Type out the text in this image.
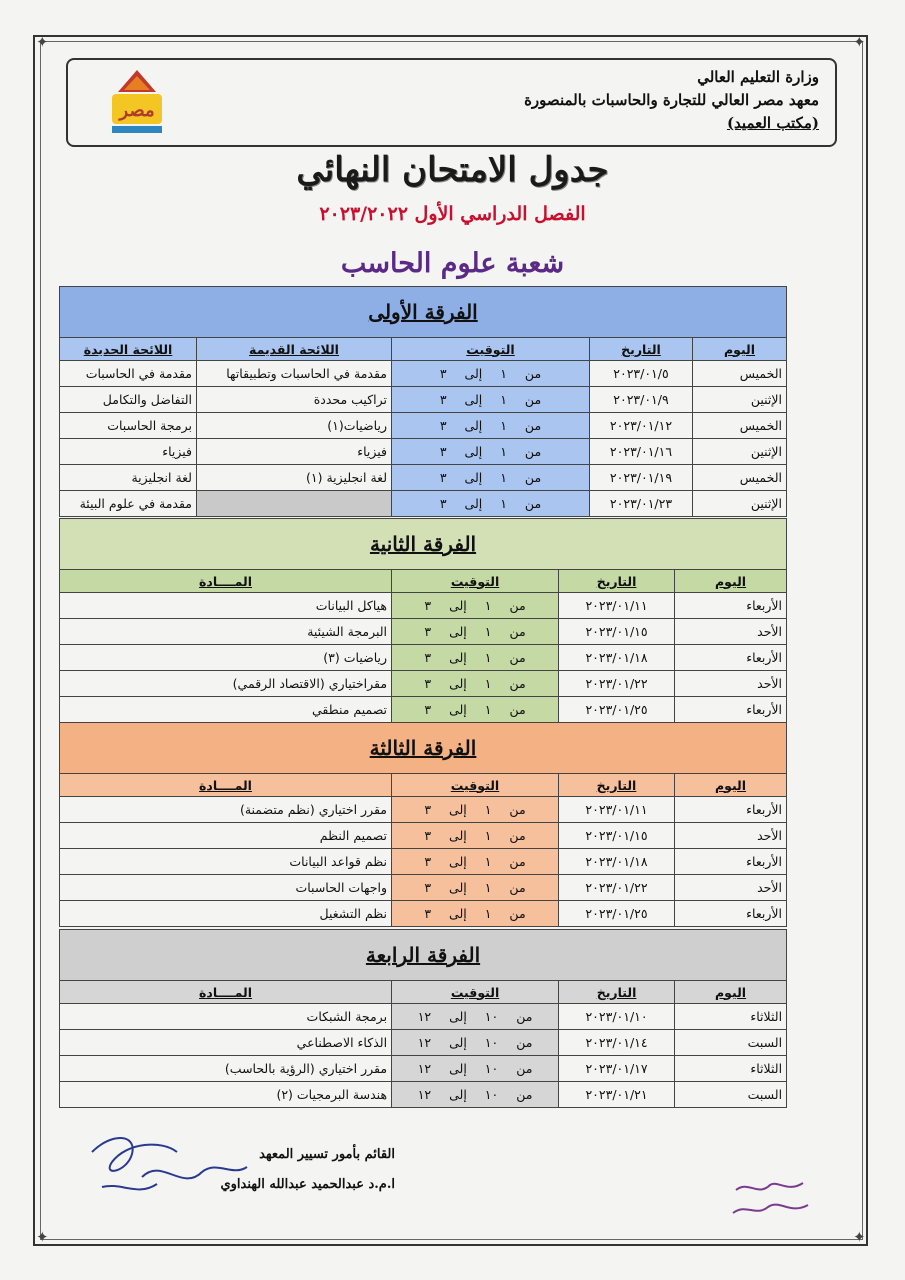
✦	✦
✦	✦
مصر
وزارة التعليم العالي
معهد مصر العالي للتجارة والحاسبات بالمنصورة
(مكتب العميد)
جدول الامتحان النهائي
الفصل الدراسي الأول ٢٠٢٣/٢٠٢٢
شعبة علوم الحاسب
الفرقة الأولى				
اليوم	التاريخ	التوقيت	اللائحة القديمة	اللائحة الجديدة
الخميس	٢٠٢٣/٠١/٥	من ١ إلى ٣	مقدمة في الحاسبات وتطبيقاتها	مقدمة في الحاسبات
الإثنين	٢٠٢٣/٠١/٩	من ١ إلى ٣	تراكيب محددة	التفاضل والتكامل
الخميس	٢٠٢٣/٠١/١٢	من ١ إلى ٣	رياضيات(١)	برمجة الحاسبات
الإثنين	٢٠٢٣/٠١/١٦	من ١ إلى ٣	فيزياء	فيزياء
الخميس	٢٠٢٣/٠١/١٩	من ١ إلى ٣	لغة انجليزية (١)	لغة انجليزية
الإثنين	٢٠٢٣/٠١/٢٣	من ١ إلى ٣		مقدمة في علوم البيئة
الفرقة الثانية			
اليوم	التاريخ	التوقيت	المــــادة
الأربعاء	٢٠٢٣/٠١/١١	من ١ إلى ٣	هياكل البيانات
الأحد	٢٠٢٣/٠١/١٥	من ١ إلى ٣	البرمجة الشيئية
الأربعاء	٢٠٢٣/٠١/١٨	من ١ إلى ٣	رياضيات (٣)
الأحد	٢٠٢٣/٠١/٢٢	من ١ إلى ٣	مقراختياري (الاقتصاد الرقمي)
الأربعاء	٢٠٢٣/٠١/٢٥	من ١ إلى ٣	تصميم منطقي
الفرقة الثالثة			
اليوم	التاريخ	التوقيت	المــــادة
الأربعاء	٢٠٢٣/٠١/١١	من ١ إلى ٣	مقرر اختياري (نظم متضمنة)
الأحد	٢٠٢٣/٠١/١٥	من ١ إلى ٣	تصميم النظم
الأربعاء	٢٠٢٣/٠١/١٨	من ١ إلى ٣	نظم قواعد البيانات
الأحد	٢٠٢٣/٠١/٢٢	من ١ إلى ٣	واجهات الحاسبات
الأربعاء	٢٠٢٣/٠١/٢٥	من ١ إلى ٣	نظم التشغيل
الفرقة الرابعة			
اليوم	التاريخ	التوقيت	المــــادة
الثلاثاء	٢٠٢٣/٠١/١٠	من ١٠ إلى ١٢	برمجة الشبكات
السبت	٢٠٢٣/٠١/١٤	من ١٠ إلى ١٢	الذكاء الاصطناعي
الثلاثاء	٢٠٢٣/٠١/١٧	من ١٠ إلى ١٢	مقرر اختياري (الرؤية بالحاسب)
السبت	٢٠٢٣/٠١/٢١	من ١٠ إلى ١٢	هندسة البرمجيات (٢)
القائم بأمور تسيير المعهد
ا.م.د عبدالحميد عبدالله الهنداوي
